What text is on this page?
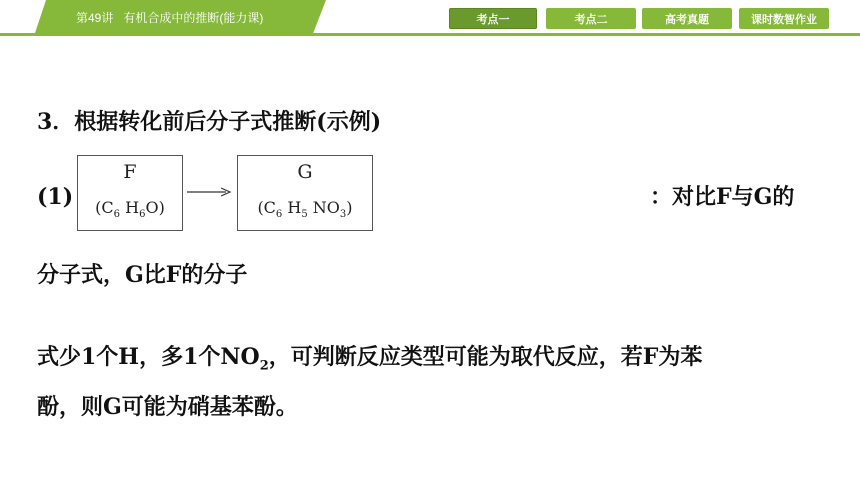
第49讲   有机合成中的推断(能力课)	考点一	考点二	高考真题	课时数智作业
3．根据转化前后分子式推断(示例)
(1)
F
($C_6$ $H_6O$)
G
($C_6$ $H_5$ $NO_3$)	：对比F与G的
分子式，G比F的分子
式少1个H，多1个$NO_2$，可判断反应类型可能为取代反应，若F为苯
酚，则G可能为硝基苯酚。
